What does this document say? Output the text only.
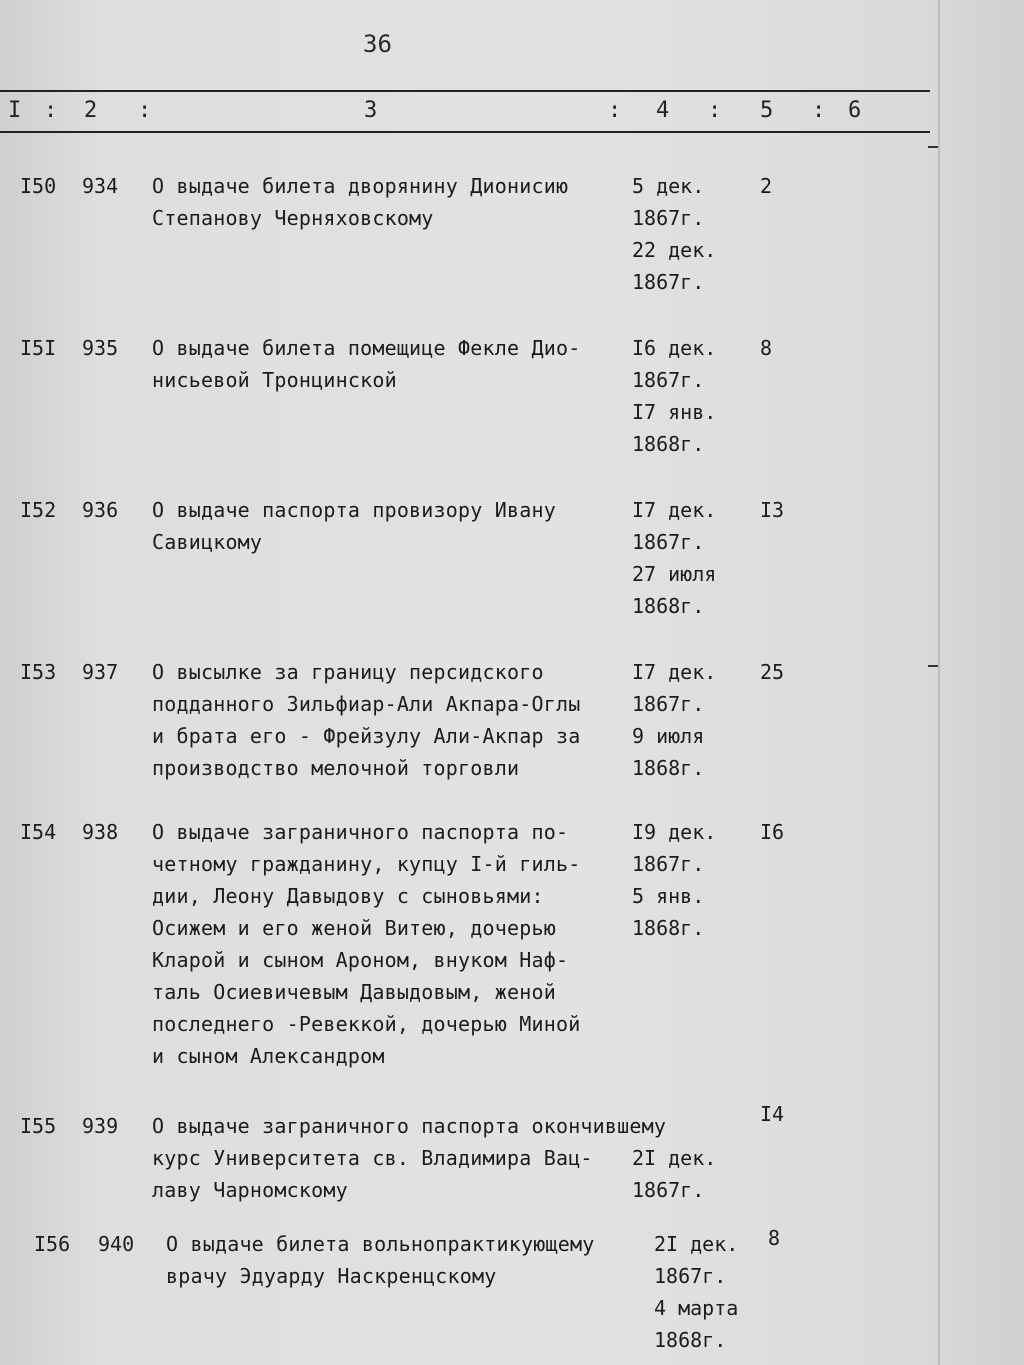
36
I : 2 :	3	: 4 : 5 : 6
I50 934 О выдаче билета дворянину Дионисию
Степанову Черняховскому
5 дек.
1867г.
22 дек.
1867г.
2
I5I 935 О выдаче билета помещице Фекле Дио-
нисьевой Тронцинской
I6 дек.
1867г.
I7 янв.
1868г.
8
I52 936 О выдаче паспорта провизору Ивану
Савицкому
I7 дек.
1867г.
27 июля
1868г.
I3
I53 937 О высылке за границу персидского
подданного Зильфиар-Али Акпара-Оглы
и брата его - Фрейзулу Али-Акпар за
производство мелочной торговли
I7 дек.
1867г.
9 июля
1868г.
25
I54 938 О выдаче заграничного паспорта по-
четному гражданину, купцу I-й гиль-
дии, Леону Давыдову с сыновьями:
Осижем и его женой Витею, дочерью
Кларой и сыном Ароном, внуком Наф-
таль Осиевичевым Давыдовым, женой
последнего -Ревеккой, дочерью Миной
и сыном Александром
I9 дек.
1867г.
5 янв.
1868г.
I6
I55 939 О выдаче заграничного паспорта окончившему
курс Университета св. Владимира Вац-
лаву Чарномскому
2I дек.
1867г.
I4
I56 940 О выдаче билета вольнопрактикующему
врачу Эдуарду Наскренцскому
2I дек.
1867г.
4 марта
1868г.
8
